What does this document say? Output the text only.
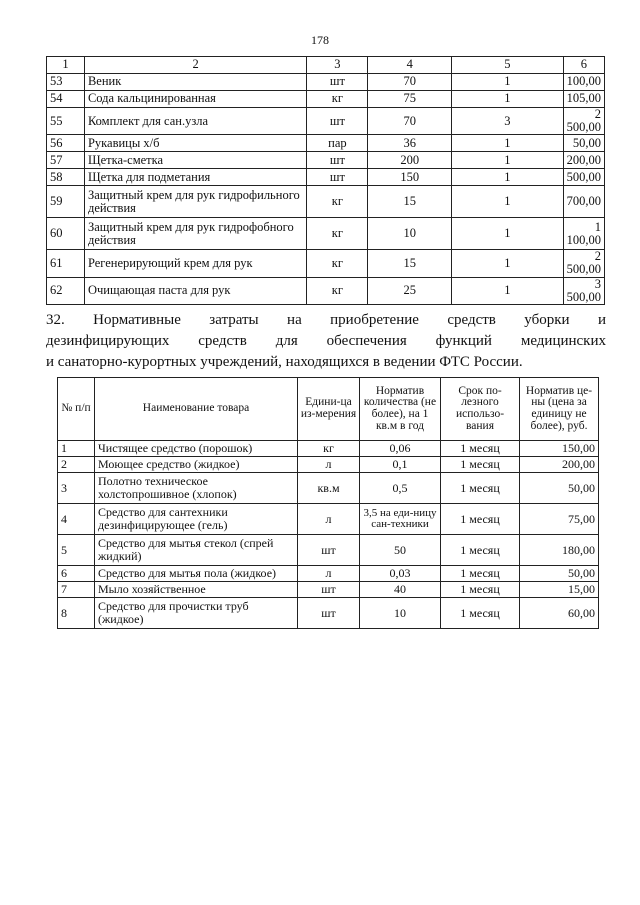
178
1	2	3	4	5	6
53	Веник	шт	70	1	100,00
54	Сода кальцинированная	кг	75	1	105,00
55	Комплект для сан.узла	шт	70	3	2 500,00
56	Рукавицы х/б	пар	36	1	50,00
57	Щетка-сметка	шт	200	1	200,00
58	Щетка для подметания	шт	150	1	500,00
59	Защитный крем для рук гидрофильного действия	кг	15	1	700,00
60	Защитный крем для рук гидрофобного действия	кг	10	1	1 100,00
61	Регенерирующий крем для рук	кг	15	1	2 500,00
62	Очищающая паста для рук	кг	25	1	3 500,00
32. Нормативные затраты на приобретение средств уборки и
дезинфицирующих средств для обеспечения функций медицинских
и санаторно-курортных учреждений, находящихся в ведении ФТС России.
№ п/п	Наименование товара	Едини-ца из-мерения	Норматив количества (не более), на 1 кв.м в год	Срок по-лезного использо-вания	Норматив це-ны (цена за единицу не более), руб.
1	Чистящее средство (порошок)	кг	0,06	1 месяц	150,00
2	Моющее средство (жидкое)	л	0,1	1 месяц	200,00
3	Полотно техническое холстопрошивное (хлопок)	кв.м	0,5	1 месяц	50,00
4	Средство для сантехники дезинфицирующее (гель)	л	3,5 на еди-ницу сан-техники	1 месяц	75,00
5	Средство для мытья стекол (спрей жидкий)	шт	50	1 месяц	180,00
6	Средство для мытья пола (жидкое)	л	0,03	1 месяц	50,00
7	Мыло хозяйственное	шт	40	1 месяц	15,00
8	Средство для прочистки труб (жидкое)	шт	10	1 месяц	60,00
